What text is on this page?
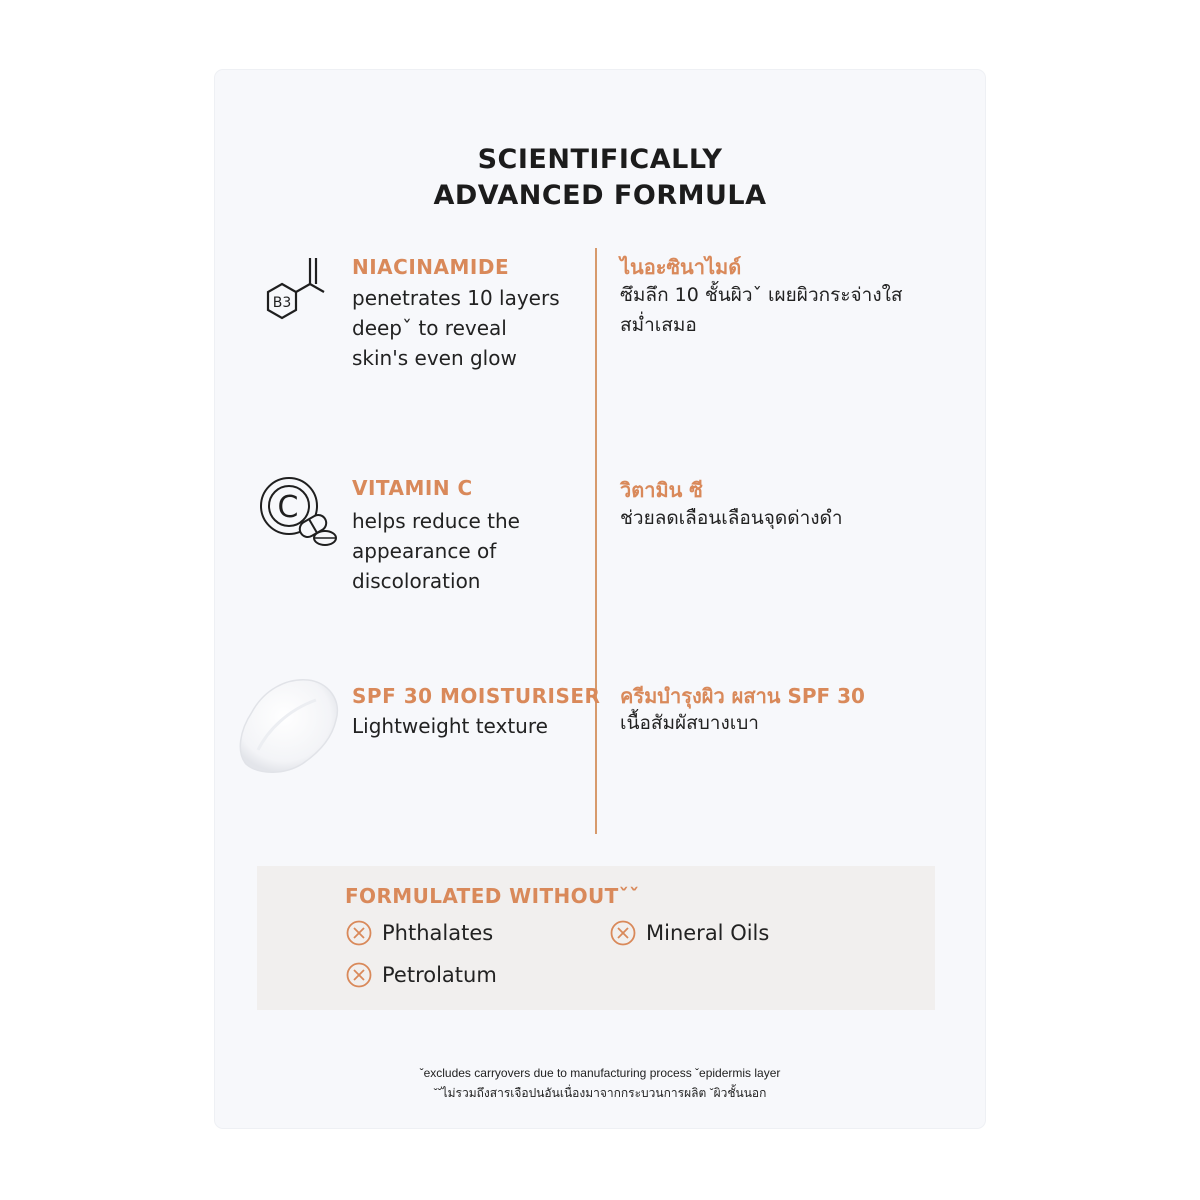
SCIENTIFICALLY
ADVANCED FORMULA
B3
NIACINAMIDE
penetrates 10 layers
deepˇ to reveal
skin's even glow
ไนอะซินาไมด์
ซึมลึก 10 ชั้นผิวˇ เผยผิวกระจ่างใส
สม่ำเสมอ
C
VITAMIN C
helps reduce the
appearance of
discoloration
วิตามิน ซี
ช่วยลดเลือนเลือนจุดด่างดำ
SPF 30 MOISTURISER
Lightweight texture
ครีมบำรุงผิว ผสาน SPF 30
เนื้อสัมผัสบางเบา
FORMULATED WITHOUTˇˇ
Phthalates	Mineral Oils
Petrolatum
ˇexcludes carryovers due to manufacturing process ˇepidermis layer
ˇˇไม่รวมถึงสารเจือปนอันเนื่องมาจากกระบวนการผลิต ˇผิวชั้นนอก
